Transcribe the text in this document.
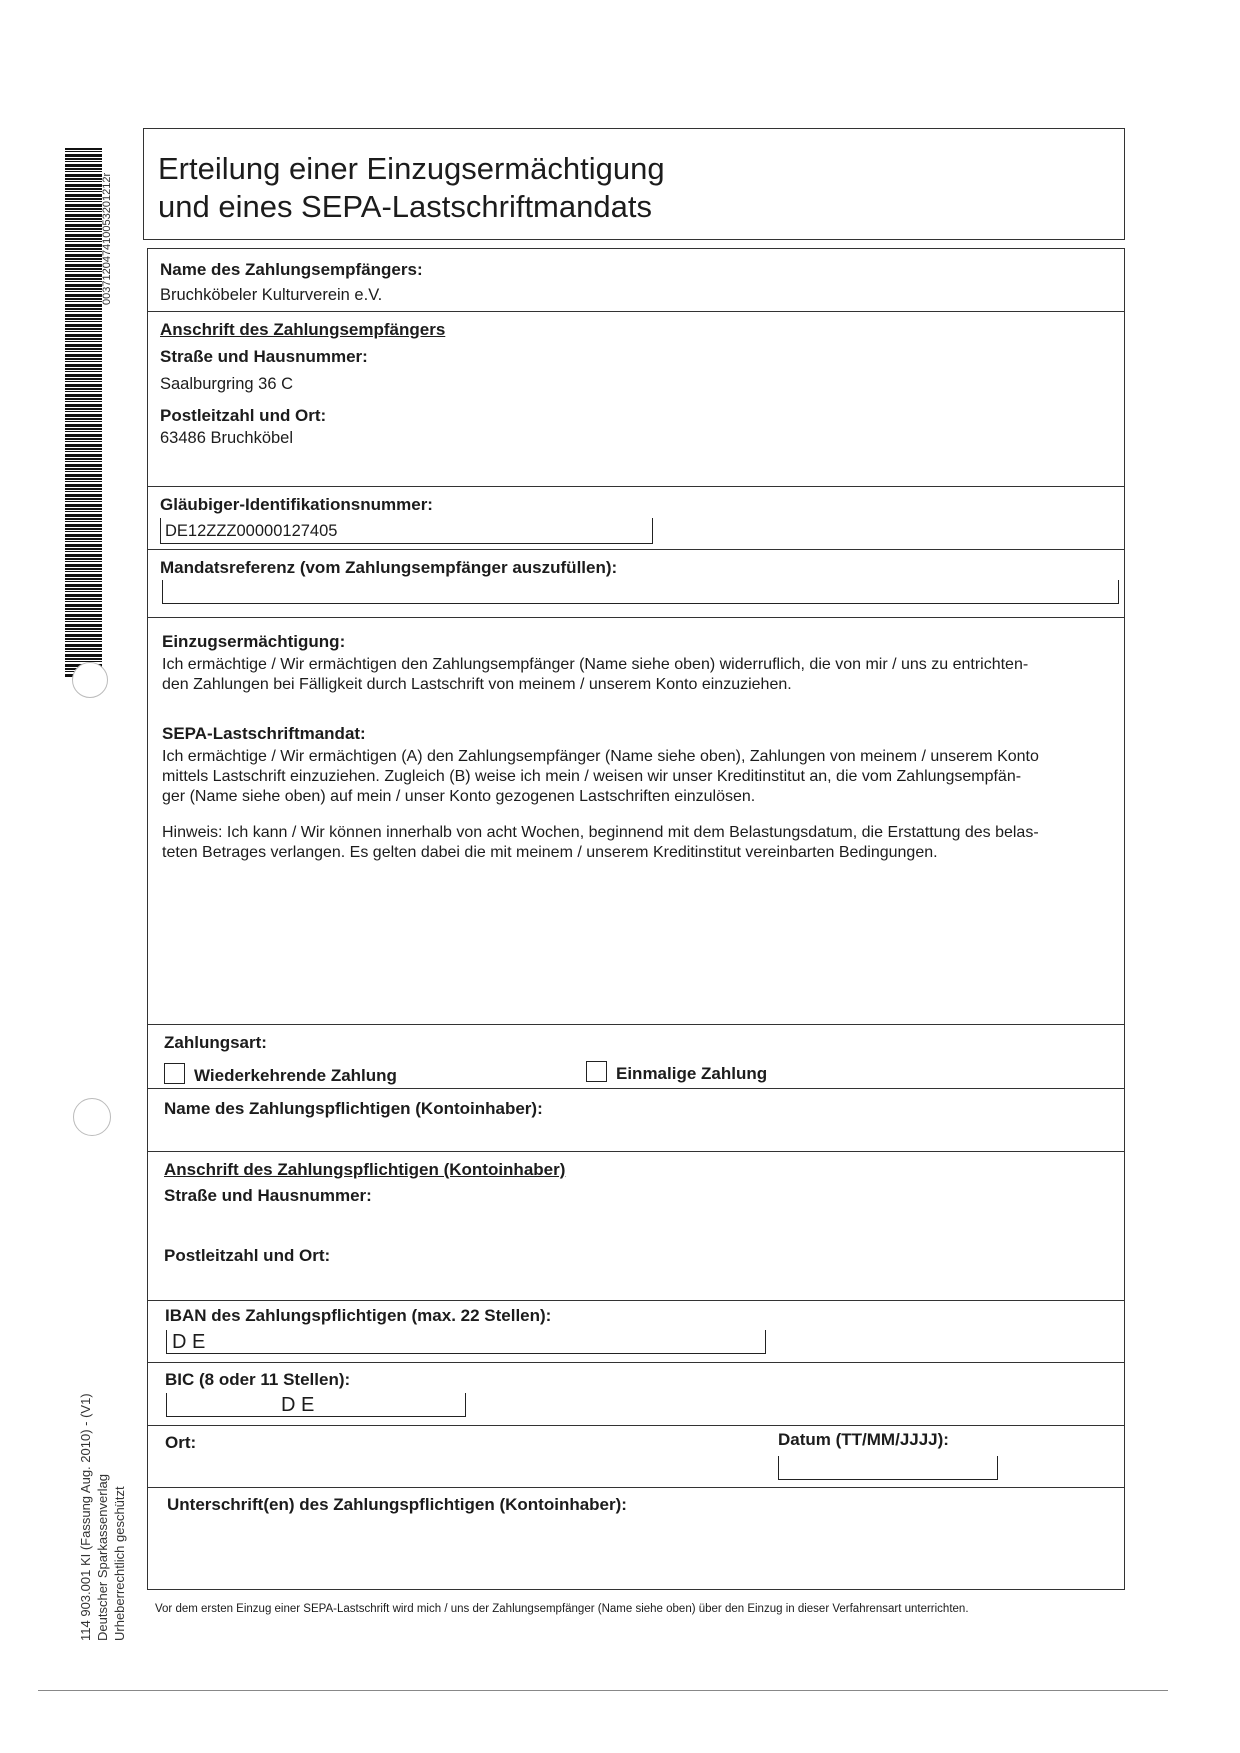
00371204741005320121​2r
114 903.001 KI (Fassung Aug. 2010) - (V1) Deutscher Sparkassenverlag Urheberrechtlich geschützt
Erteilung einer Einzugsermächtigung
und eines SEPA-Lastschriftmandats
Name des Zahlungsempfängers:
Bruchköbeler Kulturverein e.V.
Anschrift des Zahlungsempfängers
Straße und Hausnummer:
Saalburgring 36 C
Postleitzahl und Ort:
63486 Bruchköbel
Gläubiger-Identifikationsnummer:
DE12ZZZ00000127405
Mandatsreferenz (vom Zahlungsempfänger auszufüllen):
Einzugsermächtigung:
Ich ermächtige / Wir ermächtigen den Zahlungsempfänger (Name siehe oben) widerruflich, die von mir / uns zu entrichten-
den Zahlungen bei Fälligkeit durch Lastschrift von meinem / unserem Konto einzuziehen.
SEPA-Lastschriftmandat:
Ich ermächtige / Wir ermächtigen (A) den Zahlungsempfänger (Name siehe oben), Zahlungen von meinem / unserem Konto
mittels Lastschrift einzuziehen. Zugleich (B) weise ich mein / weisen wir unser Kreditinstitut an, die vom Zahlungsempfän-
ger (Name siehe oben) auf mein / unser Konto gezogenen Lastschriften einzulösen.
Hinweis: Ich kann / Wir können innerhalb von acht Wochen, beginnend mit dem Belastungsdatum, die Erstattung des belas-
teten Betrages verlangen. Es gelten dabei die mit meinem / unserem Kreditinstitut vereinbarten Bedingungen.
Zahlungsart:
Wiederkehrende Zahlung	Einmalige Zahlung
Name des Zahlungspflichtigen (Kontoinhaber):
Anschrift des Zahlungspflichtigen (Kontoinhaber)
Straße und Hausnummer:
Postleitzahl und Ort:
IBAN des Zahlungspflichtigen (max. 22 Stellen):
D E
BIC (8 oder 11 Stellen):
D E
Ort:	Datum (TT/MM/JJJJ):
Unterschrift(en) des Zahlungspflichtigen (Kontoinhaber):
Vor dem ersten Einzug einer SEPA-Lastschrift wird mich / uns der Zahlungsempfänger (Name siehe oben) über den Einzug in dieser Verfahrensart unterrichten.
